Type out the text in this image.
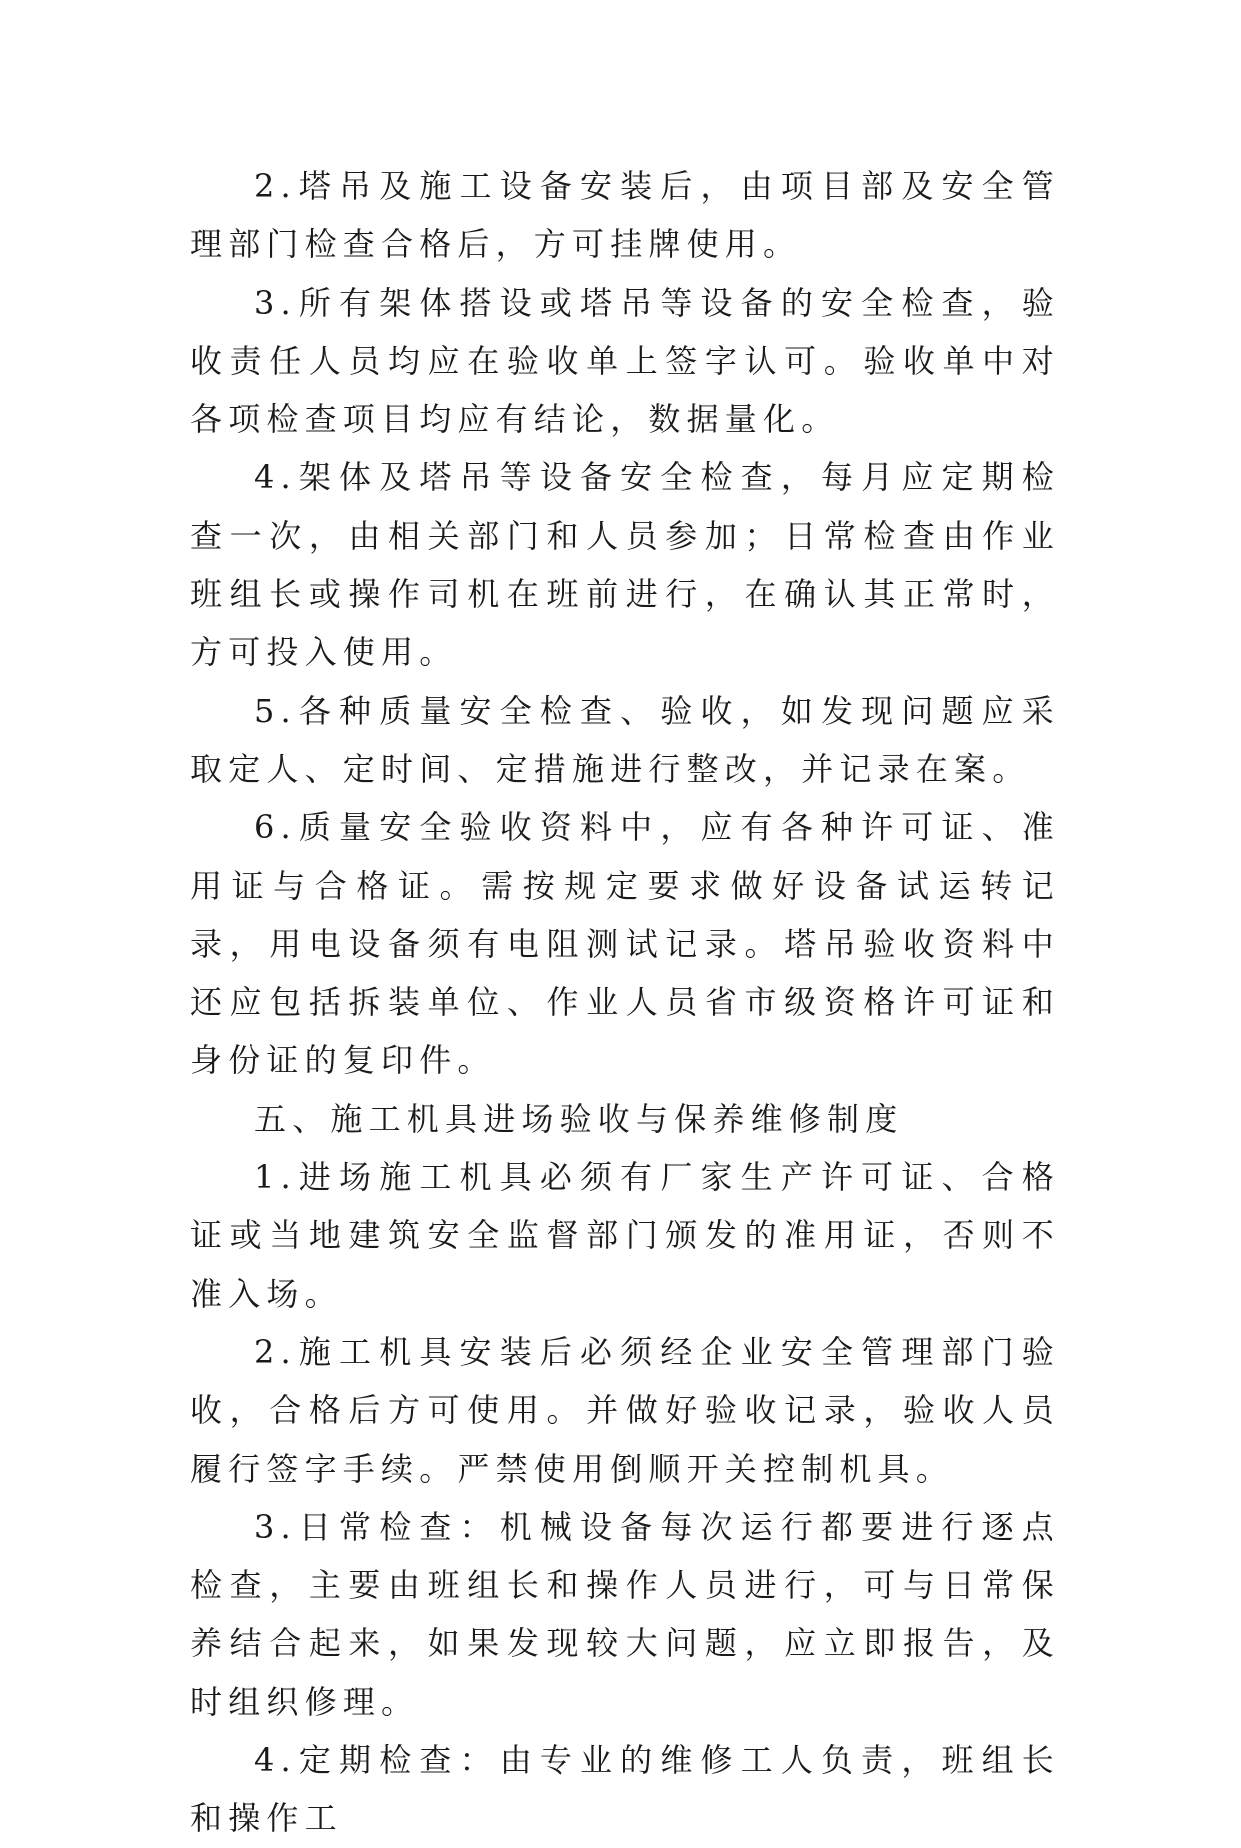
2.塔吊及施工设备安装后，由项目部及安全管理部门检查合格后，方可挂牌使用。

3.所有架体搭设或塔吊等设备的安全检查，验收责任人员均应在验收单上签字认可。验收单中对各项检查项目均应有结论，数据量化。

4.架体及塔吊等设备安全检查，每月应定期检查一次，由相关部门和人员参加；日常检查由作业班组长或操作司机在班前进行，在确认其正常时，方可投入使用。

5.各种质量安全检查、验收，如发现问题应采取定人、定时间、定措施进行整改，并记录在案。

6.质量安全验收资料中，应有各种许可证、准用证与合格证。需按规定要求做好设备试运转记录，用电设备须有电阻测试记录。塔吊验收资料中还应包括拆装单位、作业人员省市级资格许可证和身份证的复印件。

五、施工机具进场验收与保养维修制度

1.进场施工机具必须有厂家生产许可证、合格证或当地建筑安全监督部门颁发的准用证，否则不准入场。

2.施工机具安装后必须经企业安全管理部门验收，合格后方可使用。并做好验收记录，验收人员履行签字手续。严禁使用倒顺开关控制机具。

3.日常检查：机械设备每次运行都要进行逐点检查，主要由班组长和操作人员进行，可与日常保养结合起来，如果发现较大问题，应立即报告，及时组织修理。

4.定期检查：由专业的维修工人负责，班组长和操作工
